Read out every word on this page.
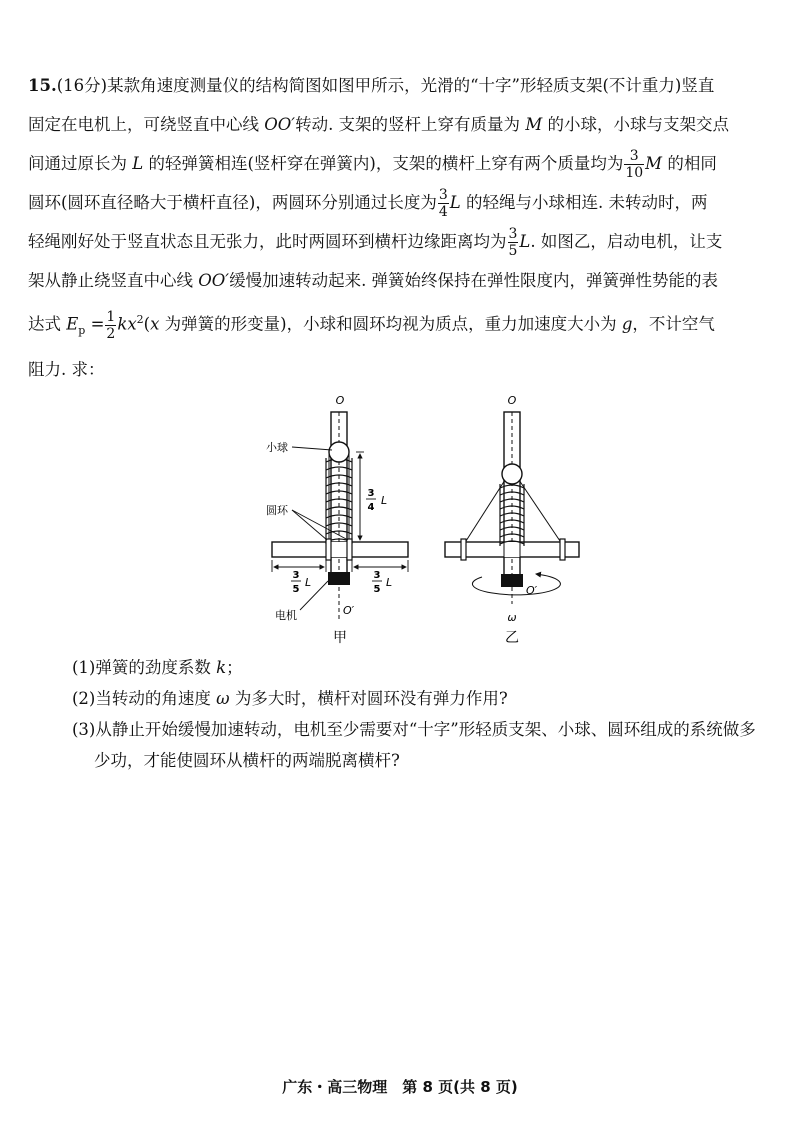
15.(16分)某款角速度测量仪的结构简图如图甲所示，光滑的“十字”形轻质支架(不计重力)竖直

固定在电机上，可绕竖直中心线 OO′转动. 支架的竖杆上穿有质量为 M 的小球，小球与支架交点

间通过原长为 L 的轻弹簧相连(竖杆穿在弹簧内)，支架的横杆上穿有两个质量均为 $\frac{3}{10}$ M 的相同

圆环(圆环直径略大于横杆直径)，两圆环分别通过长度为 $\frac{3}{4}$ L 的轻绳与小球相连. 未转动时，两

轻绳刚好处于竖直状态且无张力，此时两圆环到横杆边缘距离均为 $\frac{3}{5} L$. 如图乙，启动电机，让支

架从静止绕竖直中心线 OO′缓慢加速转动起来. 弹簧始终保持在弹性限度内，弹簧弹性势能的表

达式 $E_p = \frac{1}{2} kx^2(x$ 为弹簧的形变量)，小球和圆环均视为质点，重力加速度大小为 g，不计空气

阻力. 求：

O
O′
小球
圆环
电机
3
4
L
3
5
L
3
5
L
甲
O
O′
ω
乙

(1)弹簧的劲度系数 k；

(2)当转动的角速度 ω 为多大时，横杆对圆环没有弹力作用?

(3)从静止开始缓慢加速转动，电机至少需要对“十字”形轻质支架、小球、圆环组成的系统做多

少功，才能使圆环从横杆的两端脱离横杆?

广东・高三物理　第 8 页(共 8 页)
